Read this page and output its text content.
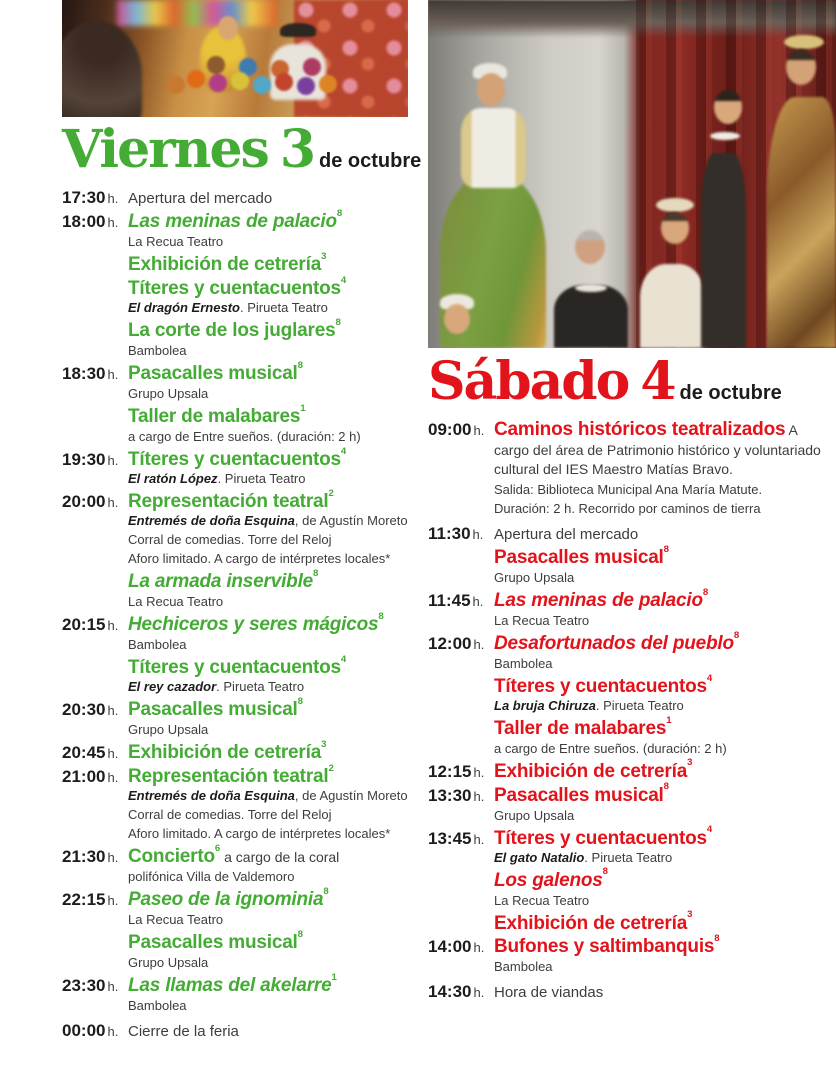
Viernes 3 de octubre
17:30 h. Apertura del mercado
18:00 h. Las meninas de palacio$^8$
La Recua Teatro
Exhibición de cetrería$^3$
Títeres y cuentacuentos$^4$
El dragón Ernesto. Pirueta Teatro
La corte de los juglares$^8$
Bambolea
18:30 h. Pasacalles musical$^8$
Grupo Upsala
Taller de malabares$^1$
a cargo de Entre sueños. (duración: 2 h)
19:30 h. Títeres y cuentacuentos$^4$
El ratón López. Pirueta Teatro
20:00 h. Representación teatral$^2$
Entremés de doña Esquina, de Agustín Moreto
Corral de comedias. Torre del Reloj
Aforo limitado. A cargo de intérpretes locales*
La armada inservible$^8$
La Recua Teatro
20:15 h. Hechiceros y seres mágicos$^8$
Bambolea
Títeres y cuentacuentos$^4$
El rey cazador. Pirueta Teatro
20:30 h. Pasacalles musical$^8$
Grupo Upsala
20:45 h. Exhibición de cetrería$^3$
21:00 h. Representación teatral$^2$
Entremés de doña Esquina, de Agustín Moreto
Corral de comedias. Torre del Reloj
Aforo limitado. A cargo de intérpretes locales*
21:30 h. Concierto$^6$ a cargo de la coral
polifónica Villa de Valdemoro
22:15 h. Paseo de la ignominia$^8$
La Recua Teatro
Pasacalles musical$^8$
Grupo Upsala
23:30 h. Las llamas del akelarre$^1$
Bambolea
00:00 h. Cierre de la feria
Sábado 4 de octubre
09:00 h. Caminos históricos teatralizados A cargo del área de Patrimonio histórico y voluntariado cultural del IES Maestro Matías Bravo.
Salida: Biblioteca Municipal Ana María Matute.
Duración: 2 h. Recorrido por caminos de tierra
11:30 h. Apertura del mercado
Pasacalles musical$^8$
Grupo Upsala
11:45 h. Las meninas de palacio$^8$
La Recua Teatro
12:00 h. Desafortunados del pueblo$^8$
Bambolea
Títeres y cuentacuentos$^4$
La bruja Chiruza. Pirueta Teatro
Taller de malabares$^1$
a cargo de Entre sueños. (duración: 2 h)
12:15 h. Exhibición de cetrería$^3$
13:30 h. Pasacalles musical$^8$
Grupo Upsala
13:45 h. Títeres y cuentacuentos$^4$
El gato Natalio. Pirueta Teatro
Los galenos$^8$
La Recua Teatro
Exhibición de cetrería$^3$
14:00 h. Bufones y saltimbanquis$^8$
Bambolea
14:30 h. Hora de viandas
